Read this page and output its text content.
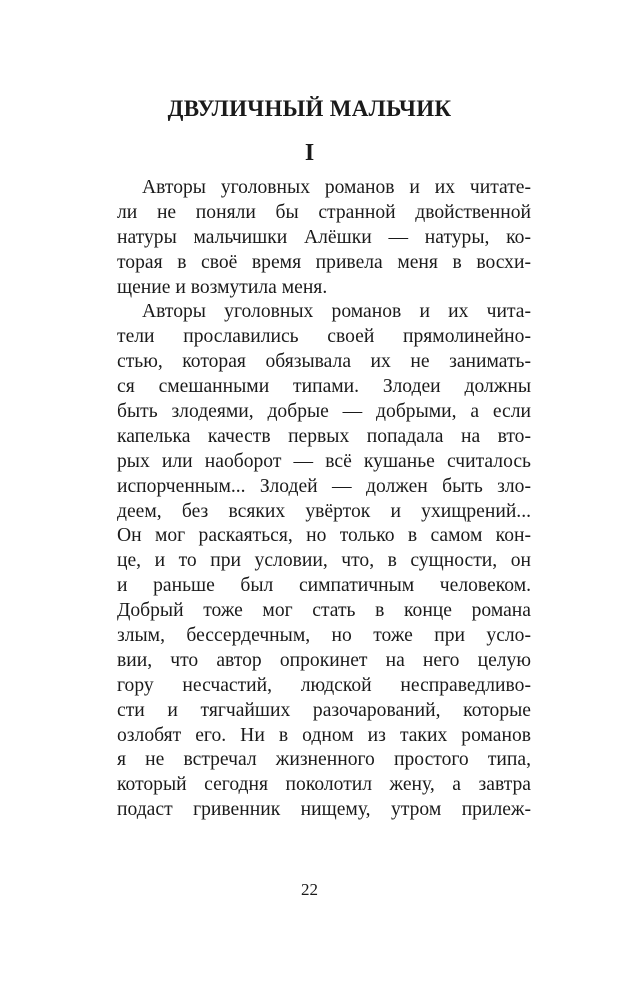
ДВУЛИЧНЫЙ МАЛЬЧИК
I
Авторы уголовных романов и их читате-
ли не поняли бы странной двойственной
натуры мальчишки Алёшки — натуры, ко-
торая в своё время привела меня в восхи-
щение и возмутила меня.
Авторы уголовных романов и их чита-
тели прославились своей прямолинейно-
стью, которая обязывала их не занимать-
ся смешанными типами. Злодеи должны
быть злодеями, добрые — добрыми, а если
капелька качеств первых попадала на вто-
рых или наоборот — всё кушанье считалось
испорченным... Злодей — должен быть зло-
деем, без всяких увёрток и ухищрений...
Он мог раскаяться, но только в самом кон-
це, и то при условии, что, в сущности, он
и раньше был симпатичным человеком.
Добрый тоже мог стать в конце романа
злым, бессердечным, но тоже при усло-
вии, что автор опрокинет на него целую
гору несчастий, людской несправедливо-
сти и тягчайших разочарований, которые
озлобят его. Ни в одном из таких романов
я не встречал жизненного простого типа,
который сегодня поколотил жену, а завтра
подаст гривенник нищему, утром прилеж-
22
